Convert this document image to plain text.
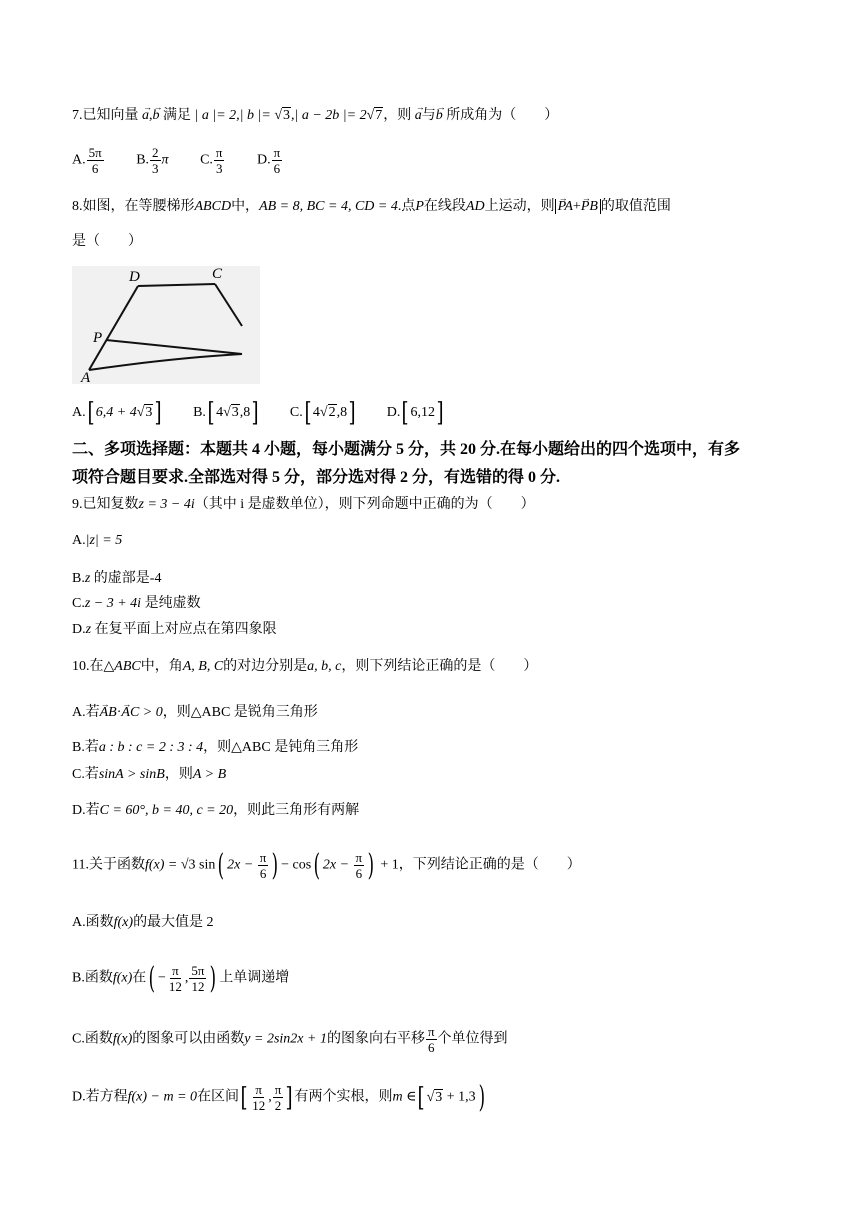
7.已知向量 → a,→ b 满足 | a |= 2,| b |= √3,| a − 2b |= 2√7，则 → a与→ b 所成角为（　　）
A. $\frac{5\pi}{6} B$. $\frac{2}{3}$ π C. $\frac{\pi}{3} D$. $\frac{\pi}{6}$
8.如图，在等腰梯形ABCD中，AB = 8, BC = 4, CD = 4.点P在线段AD上运动，则 → PA+→ PB 的取值范围
是（　　）
D	C
P
A
A.[ 6,4 + 4√3] B.[ 4√3,8] C.[ 4√2,8] D.[ 6,12]
二、多项选择题：本题共 4 小题，每小题满分 5 分，共 20 分.在每小题给出的四个选项中，有多
项符合题目要求.全部选对得 5 分，部分选对得 2 分，有选错的得 0 分.
9.已知复数z = 3 − 4i（其中 i 是虚数单位），则下列命题中正确的为（　　）
A.|z| = 5
B.z 的虚部是-4
C.z − 3 + 4i 是纯虚数
D.z 在复平面上对应点在第四象限
10.在△ABC中，角A, B, C的对边分别是a, b, c，则下列结论正确的是（　　）
A.若→ AB·→ AC > 0，则△ABC 是锐角三角形
B.若a : b : c = 2 : 3 : 4，则△ABC 是钝角三角形
C.若sinA > sinB，则A > B
D.若C = 60°, b = 40, c = 20，则此三角形有两解
11.关于函数f(x) = √3 sin( $2x - \frac{\pi}{6}$ ) − cos( $2x - \frac{\pi}{6}$ ) + 1，下列结论正确的是（　　）
A.函数f(x)的最大值是 2
B.函数f(x)在( − $\frac{\pi}{12}$ , $\frac{5\pi}{12}$ ) 上单调递增
C.函数f(x)的图象可以由函数y = 2sin2x + 1的图象向右平移 $\frac{\pi}{6}$ 个单位得到
D.若方程f(x) − m = 0在区间[ $\frac{\pi}{12}$ , $\frac{\pi}{2}$ ] 有两个实根，则m ∈[ √3 + 1,3)
